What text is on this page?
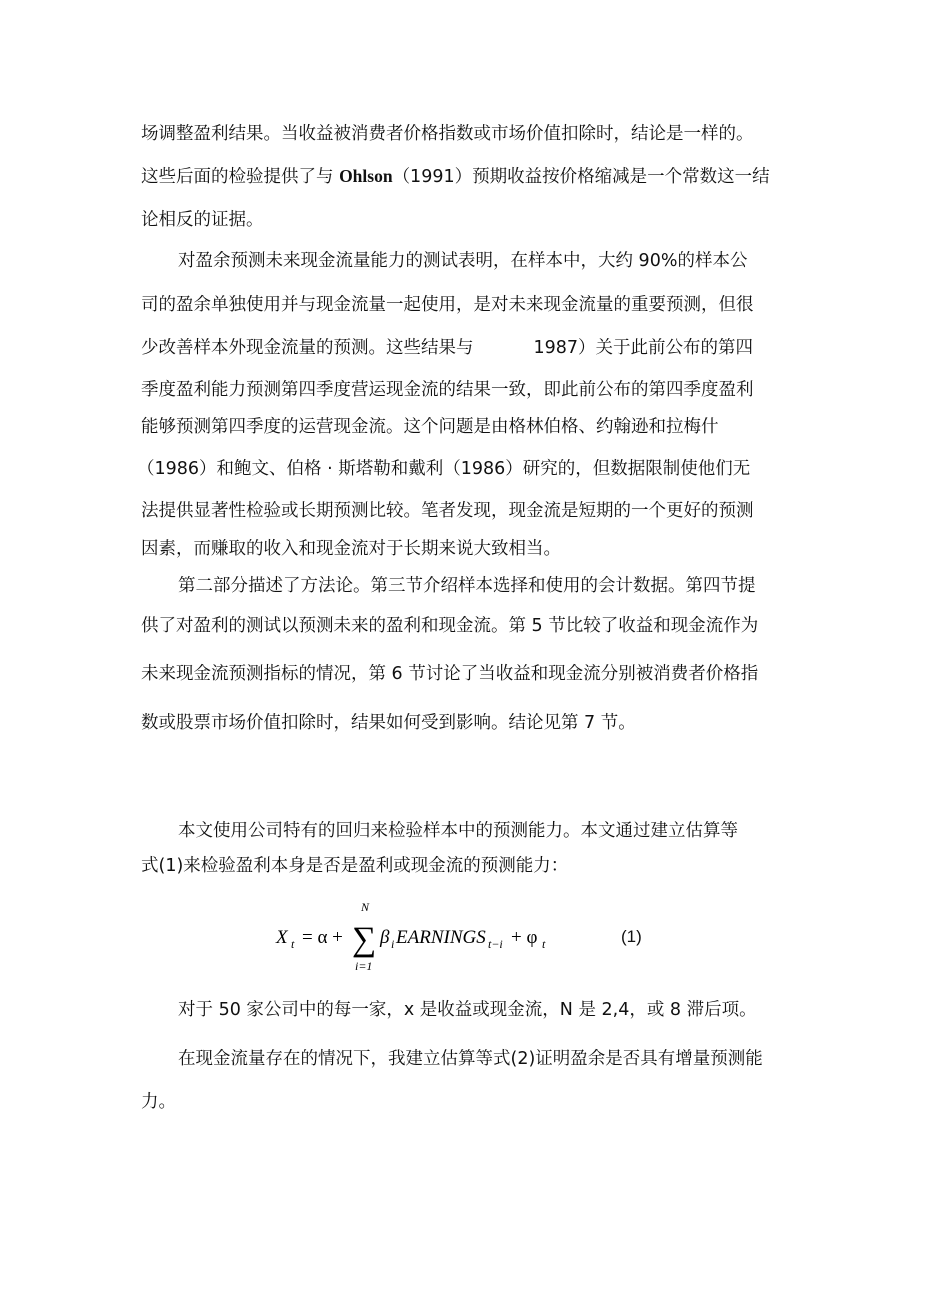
场调整盈利结果。当收益被消费者价格指数或市场价值扣除时，结论是一样的。
这些后面的检验提供了与 Ohlson（1991）预期收益按价格缩减是一个常数这一结
论相反的证据。
对盈余预测未来现金流量能力的测试表明，在样本中，大约 90%的样本公
司的盈余单独使用并与现金流量一起使用，是对未来现金流量的重要预测，但很
少改善样本外现金流量的预测。这些结果与	1987）关于此前公布的第四
季度盈利能力预测第四季度营运现金流的结果一致，即此前公布的第四季度盈利
能够预测第四季度的运营现金流。这个问题是由格林伯格、约翰逊和拉梅什
（1986）和鲍文、伯格 · 斯塔勒和戴利（1986）研究的，但数据限制使他们无
法提供显著性检验或长期预测比较。笔者发现，现金流是短期的一个更好的预测
因素，而赚取的收入和现金流对于长期来说大致相当。
第二部分描述了方法论。第三节介绍样本选择和使用的会计数据。第四节提
供了对盈利的测试以预测未来的盈利和现金流。第 5 节比较了收益和现金流作为
未来现金流预测指标的情况，第 6 节讨论了当收益和现金流分别被消费者价格指
数或股票市场价值扣除时，结果如何受到影响。结论见第 7 节。
本文使用公司特有的回归来检验样本中的预测能力。本文通过建立估算等
式(1)来检验盈利本身是否是盈利或现金流的预测能力：
X t = α +
N
∑
i=1
β i EARNINGS t−i + φ t	(1)
对于 50 家公司中的每一家，x 是收益或现金流，N 是 2,4，或 8 滞后项。
在现金流量存在的情况下，我建立估算等式(2)证明盈余是否具有增量预测能
力。
